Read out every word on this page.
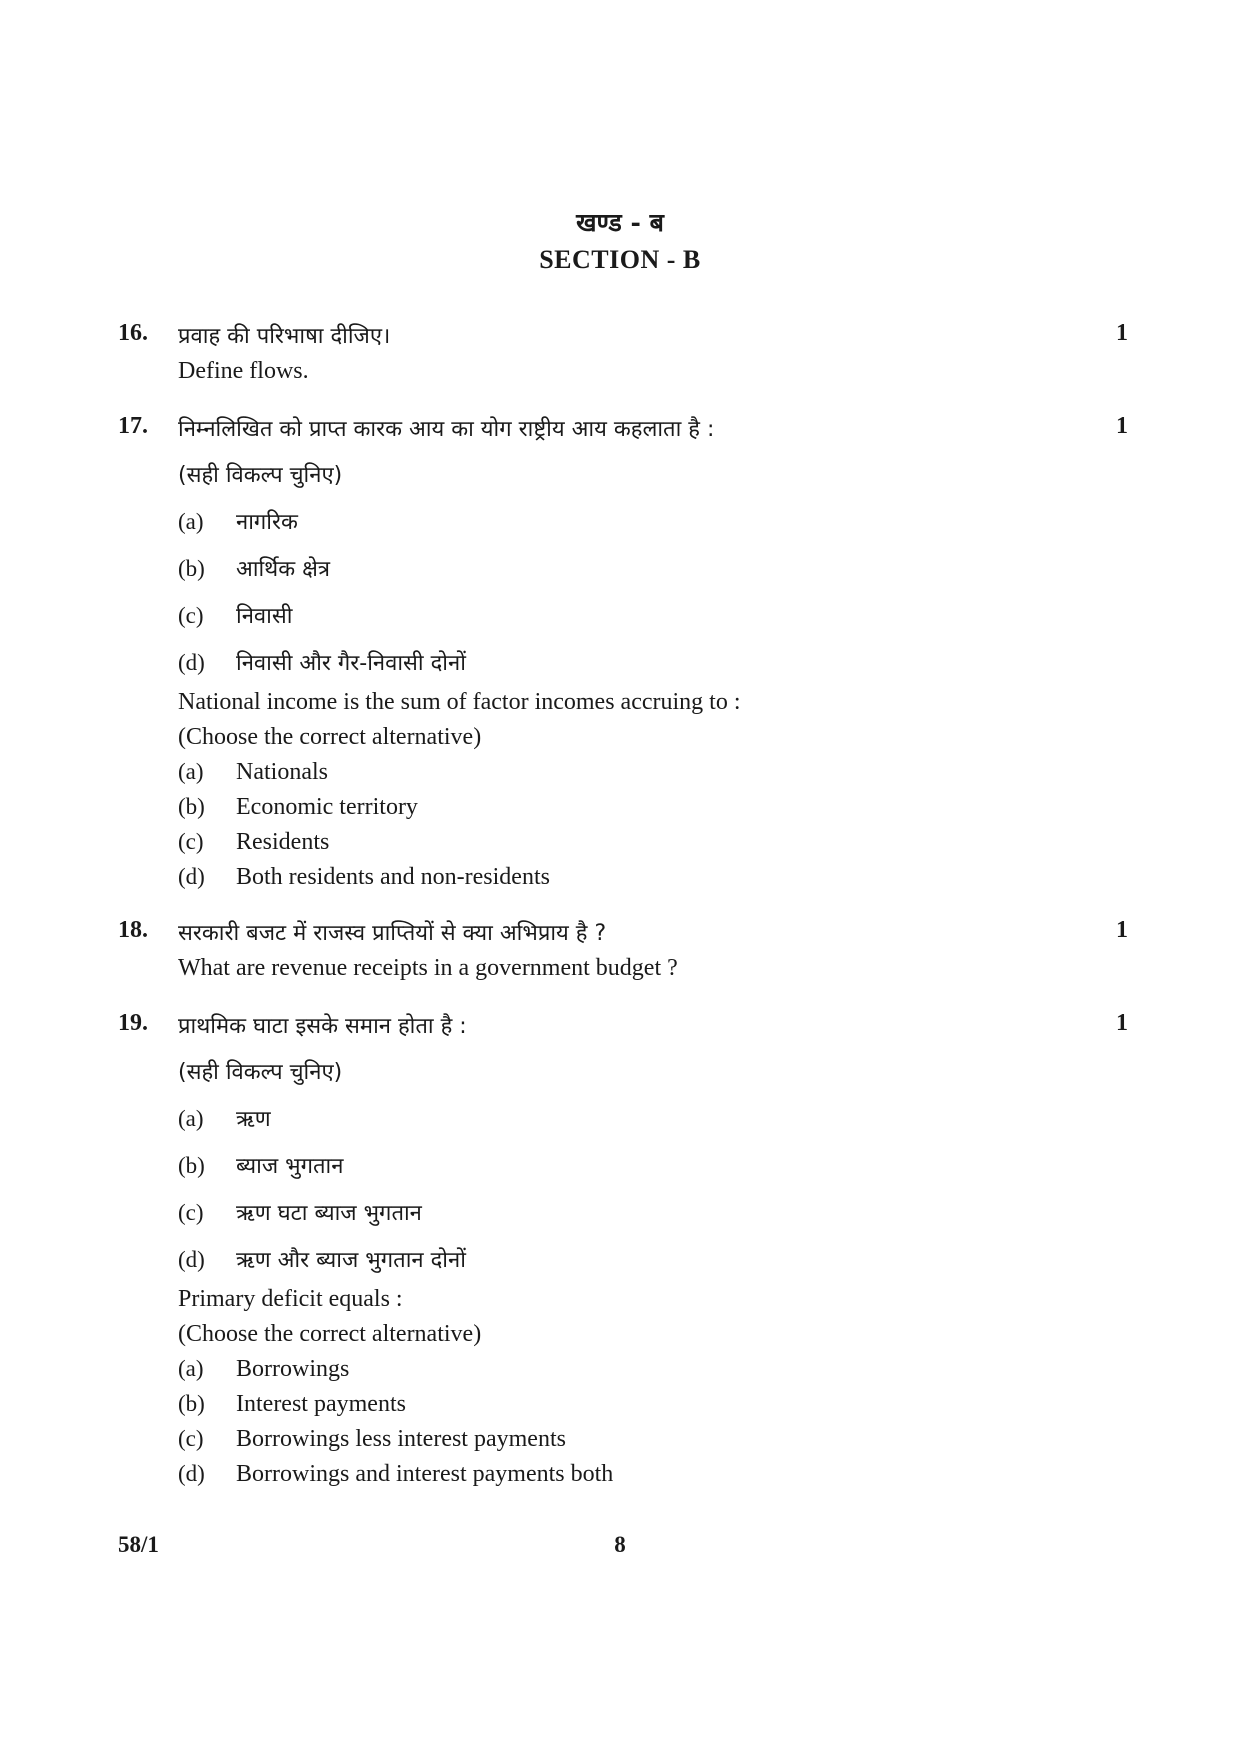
खण्ड - ब
SECTION - B
16.	प्रवाह की परिभाषा दीजिए।	1
Define flows.
17.	निम्नलिखित को प्राप्त कारक आय का योग राष्ट्रीय आय कहलाता है :	1
(सही विकल्प चुनिए)
(a) नागरिक
(b) आर्थिक क्षेत्र
(c) निवासी
(d) निवासी और गैर-निवासी दोनों
National income is the sum of factor incomes accruing to :
(Choose the correct alternative)
(a) Nationals
(b) Economic territory
(c) Residents
(d) Both residents and non-residents
18.	सरकारी बजट में राजस्व प्राप्तियों से क्या अभिप्राय है ?	1
What are revenue receipts in a government budget ?
19.	प्राथमिक घाटा इसके समान होता है :	1
(सही विकल्प चुनिए)
(a) ऋण
(b) ब्याज भुगतान
(c) ऋण घटा ब्याज भुगतान
(d) ऋण और ब्याज भुगतान दोनों
Primary deficit equals :
(Choose the correct alternative)
(a) Borrowings
(b) Interest payments
(c) Borrowings less interest payments
(d) Borrowings and interest payments both
58/1	8
